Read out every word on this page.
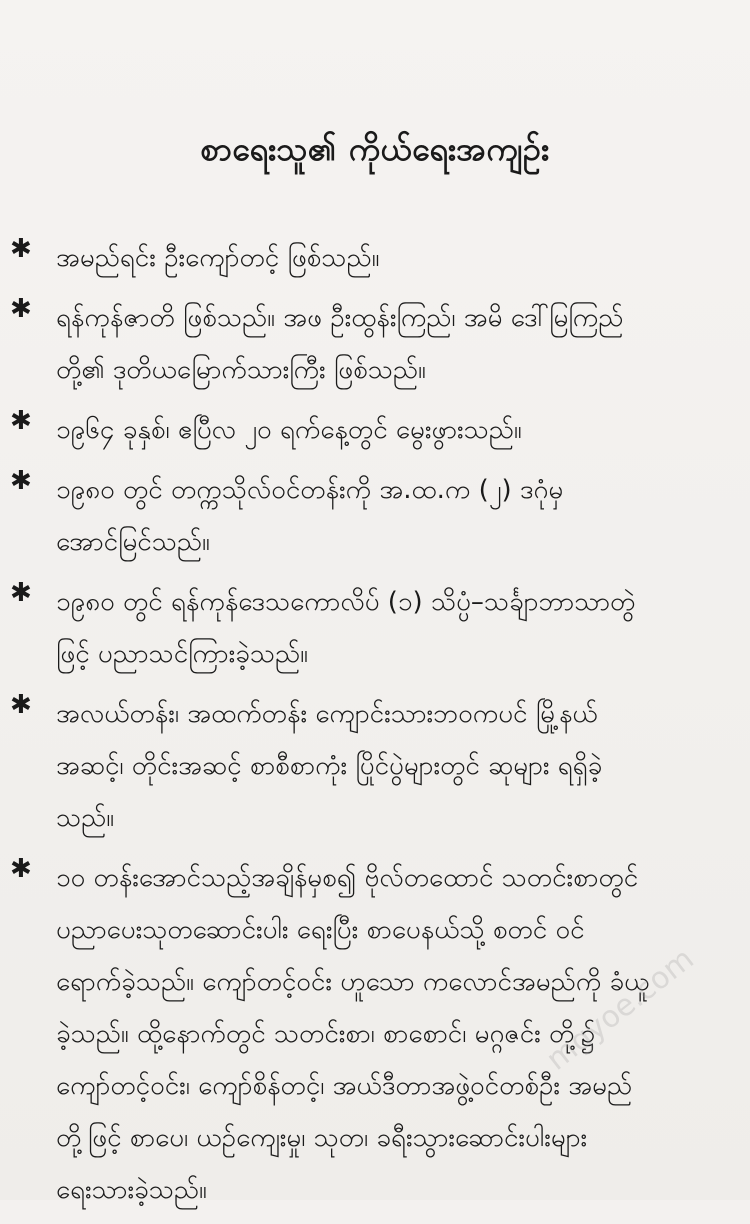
စာရေးသူ၏ ကိုယ်ရေးအကျဉ်း
✱ အမည်ရင်း ဦးကျော်တင့် ဖြစ်သည်။
✱ ရန်ကုန်ဇာတိ ဖြစ်သည်။ အဖ ဦးထွန်းကြည်၊ အမိ ဒေါ်မြကြည်
တို့၏ ဒုတိယမြောက်သားကြီး ဖြစ်သည်။
✱ ၁၉၆၄ ခုနှစ်၊ ဧပြီလ ၂၀ ရက်နေ့တွင် မွေးဖွားသည်။
✱ ၁၉၈၀ တွင် တက္ကသိုလ်ဝင်တန်းကို အ.ထ.က (၂) ဒဂုံမှ
အောင်မြင်သည်။
✱ ၁၉၈၀ တွင် ရန်ကုန်ဒေသကောလိပ် (၁) သိပ္ပံ–သင်္ချာဘာသာတွဲ
ဖြင့် ပညာသင်ကြားခဲ့သည်။
✱ အလယ်တန်း၊ အထက်တန်း ကျောင်းသားဘဝကပင် မြို့နယ်
အဆင့်၊ တိုင်းအဆင့် စာစီစာကုံး ပြိုင်ပွဲများတွင် ဆုများ ရရှိခဲ့
သည်။
✱ ၁၀ တန်းအောင်သည့်အချိန်မှစ၍ ဗိုလ်တထောင် သတင်းစာတွင်
ပညာပေးသုတဆောင်းပါး ရေးပြီး စာပေနယ်သို့ စတင် ဝင်
ရောက်ခဲ့သည်။ ကျော်တင့်ဝင်း ဟူသော ကလောင်အမည်ကို ခံယူ
ခဲ့သည်။ ထို့နောက်တွင် သတင်းစာ၊ စာစောင်၊ မဂ္ဂဇင်း တို့၌
ကျော်တင့်ဝင်း၊ ကျော်စိန်တင့်၊ အယ်ဒီတာအဖွဲ့ဝင်တစ်ဦး အမည်
တို့ဖြင့် စာပေ၊ ယဉ်ကျေးမှု၊ သုတ၊ ခရီးသွားဆောင်းပါးများ
ရေးသားခဲ့သည်။
mgyoe.com
